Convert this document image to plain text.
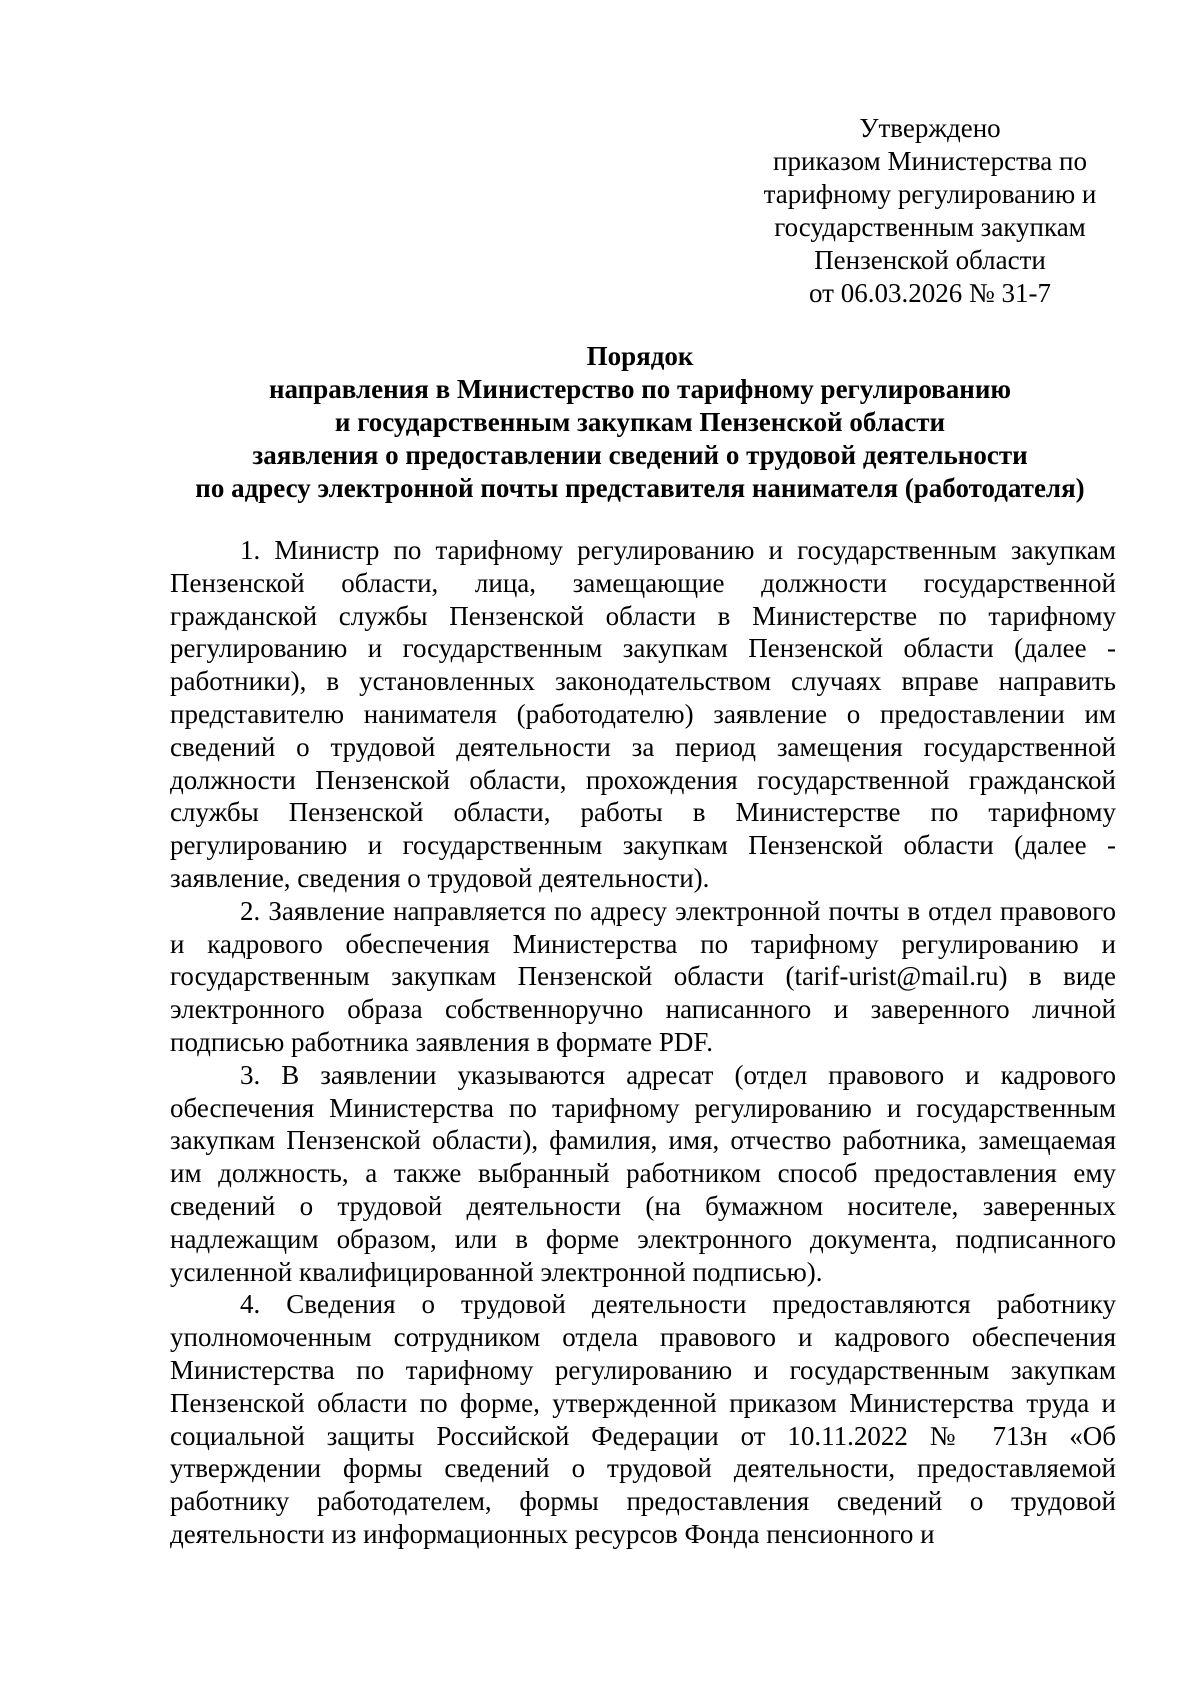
Утверждено
приказом Министерства по
тарифному регулированию и
государственным закупкам
Пензенской области
от 06.03.2026 № 31-7
Порядок
направления в Министерство по тарифному регулированию
и государственным закупкам Пензенской области
заявления о предоставлении сведений о трудовой деятельности
по адресу электронной почты представителя нанимателя (работодателя)

1. Министр по тарифному регулированию и государственным закупкам Пензенской области, лица, замещающие должности государственной гражданской службы Пензенской области в Министерстве по тарифному регулированию и государственным закупкам Пензенской области (далее - работники), в установленных законодательством случаях вправе направить представителю нанимателя (работодателю) заявление о предоставлении им сведений о трудовой деятельности за период замещения государственной должности Пензенской области, прохождения государственной гражданской службы Пензенской области, работы в Министерстве по тарифному регулированию и государственным закупкам Пензенской области (далее - заявление, сведения о трудовой деятельности).

2. Заявление направляется по адресу электронной почты в отдел правового и кадрового обеспечения Министерства по тарифному регулированию и государственным закупкам Пензенской области (tarif-urist@mail.ru) в виде электронного образа собственноручно написанного и заверенного личной подписью работника заявления в формате PDF.

3. В заявлении указываются адресат (отдел правового и кадрового обеспечения Министерства по тарифному регулированию и государственным закупкам Пензенской области), фамилия, имя, отчество работника, замещаемая им должность, а также выбранный работником способ предоставления ему сведений о трудовой деятельности (на бумажном носителе, заверенных надлежащим образом, или в форме электронного документа, подписанного усиленной квалифицированной электронной подписью).

4. Сведения о трудовой деятельности предоставляются работнику уполномоченным сотрудником отдела правового и кадрового обеспечения Министерства по тарифному регулированию и государственным закупкам Пензенской области по форме, утвержденной приказом Министерства труда и социальной защиты Российской Федерации от 10.11.2022 № 713н «Об утверждении формы сведений о трудовой деятельности, предоставляемой работнику работодателем, формы предоставления сведений о трудовой деятельности из информационных ресурсов Фонда пенсионного и
